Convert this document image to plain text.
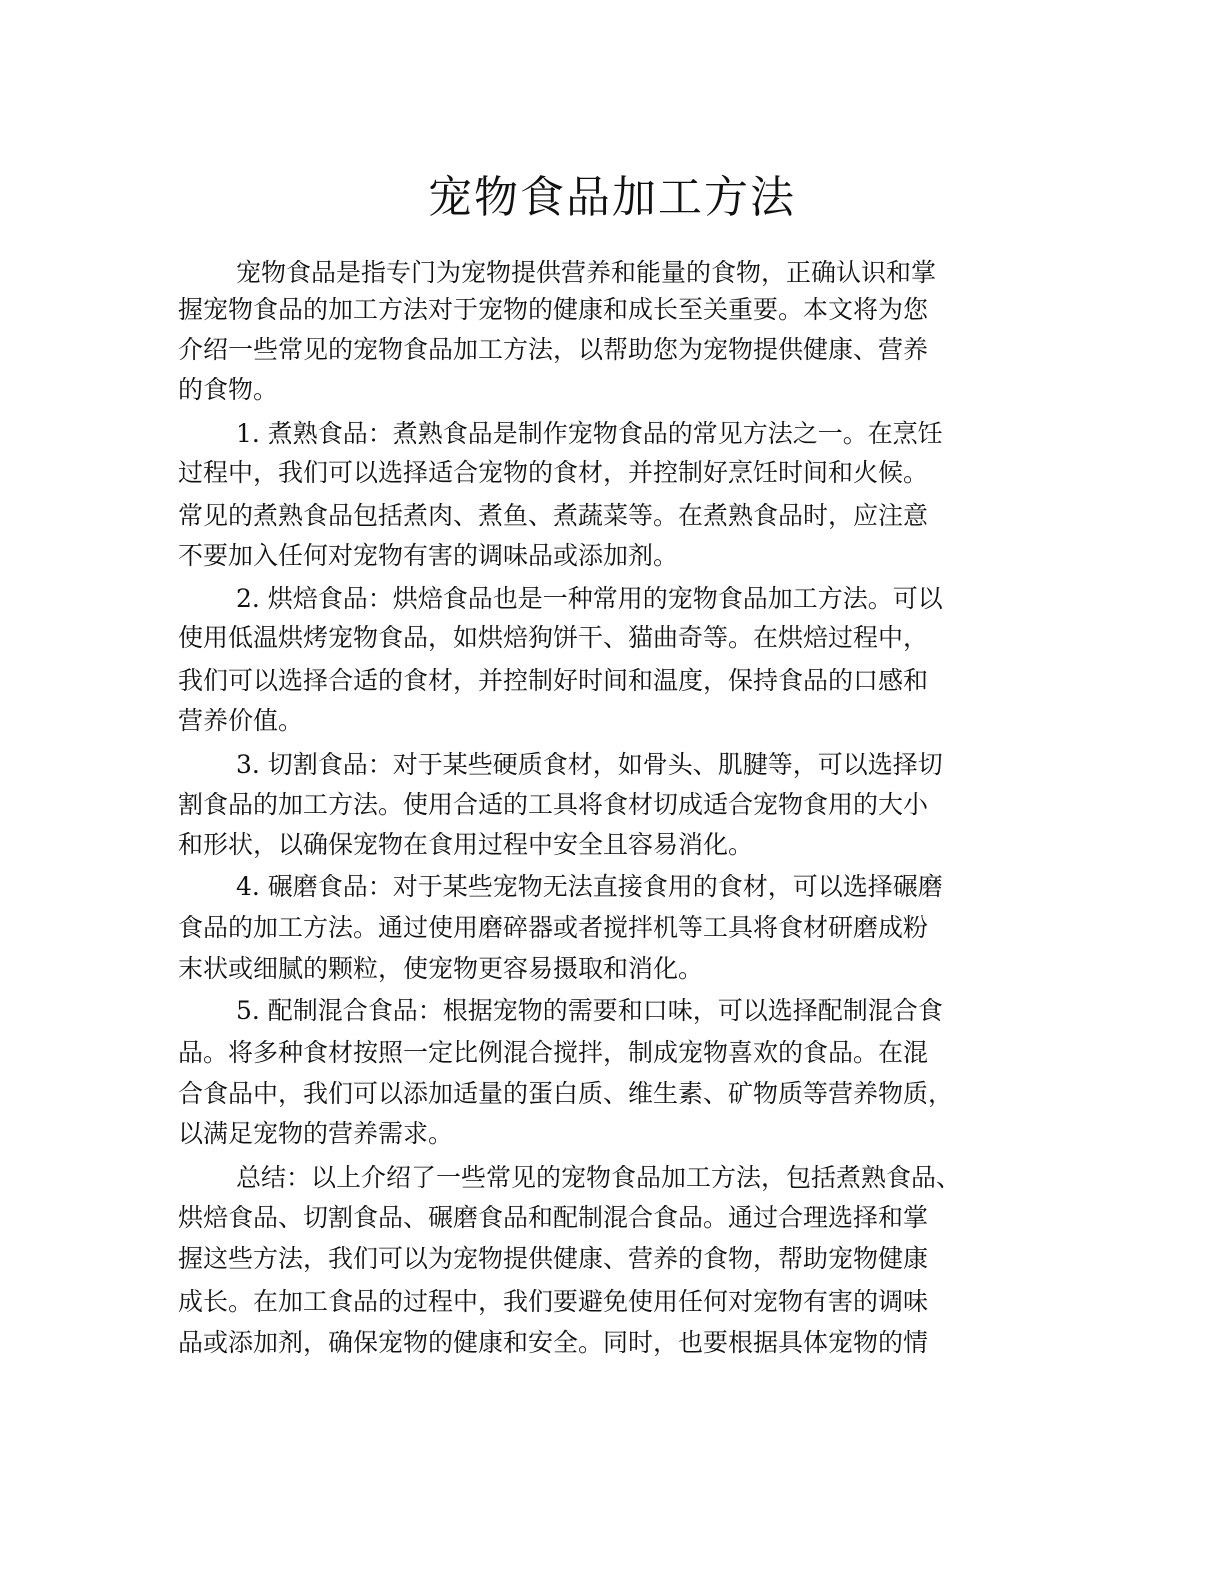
宠物食品加工方法

宠物食品是指专门为宠物提供营养和能量的食物，正确认识和掌

握宠物食品的加工方法对于宠物的健康和成长至关重要。本文将为您

介绍一些常见的宠物食品加工方法，以帮助您为宠物提供健康、营养

的食物。

1. 煮熟食品：煮熟食品是制作宠物食品的常见方法之一。在烹饪

过程中，我们可以选择适合宠物的食材，并控制好烹饪时间和火候。

常见的煮熟食品包括煮肉、煮鱼、煮蔬菜等。在煮熟食品时，应注意

不要加入任何对宠物有害的调味品或添加剂。

2. 烘焙食品：烘焙食品也是一种常用的宠物食品加工方法。可以

使用低温烘烤宠物食品，如烘焙狗饼干、猫曲奇等。在烘焙过程中，

我们可以选择合适的食材，并控制好时间和温度，保持食品的口感和

营养价值。

3. 切割食品：对于某些硬质食材，如骨头、肌腱等，可以选择切

割食品的加工方法。使用合适的工具将食材切成适合宠物食用的大小

和形状，以确保宠物在食用过程中安全且容易消化。

4. 碾磨食品：对于某些宠物无法直接食用的食材，可以选择碾磨

食品的加工方法。通过使用磨碎器或者搅拌机等工具将食材研磨成粉

末状或细腻的颗粒，使宠物更容易摄取和消化。

5. 配制混合食品：根据宠物的需要和口味，可以选择配制混合食

品。将多种食材按照一定比例混合搅拌，制成宠物喜欢的食品。在混

合食品中，我们可以添加适量的蛋白质、维生素、矿物质等营养物质，

以满足宠物的营养需求。

总结：以上介绍了一些常见的宠物食品加工方法，包括煮熟食品、

烘焙食品、切割食品、碾磨食品和配制混合食品。通过合理选择和掌

握这些方法，我们可以为宠物提供健康、营养的食物，帮助宠物健康

成长。在加工食品的过程中，我们要避免使用任何对宠物有害的调味

品或添加剂，确保宠物的健康和安全。同时，也要根据具体宠物的情
